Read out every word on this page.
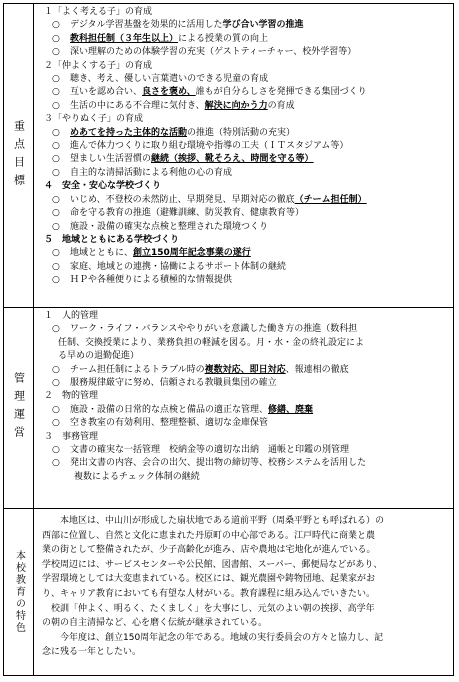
重点目標
１「よく考える子」の育成
○ デジタル学習基盤を効果的に活用した学び合い学習の推進
○ 教科担任制（３年生以上）による授業の質の向上
○ 深い理解のための体験学習の充実（ゲストティーチャー、校外学習等）
２「仲よくする子」の育成
○ 聴き、考え、優しい言葉遣いのできる児童の育成
○ 互いを認め合い、良さを褒め、誰もが自分らしさを発揮できる集団づくり
○ 生活の中にある不合理に気付き、解決に向かう力の育成
３「やりぬく子」の育成
○ めあてを持った主体的な活動の推進（特別活動の充実）
○ 進んで体力つくりに取り組む環境や指導の工夫（ＩＴスタジアム等）
○ 望ましい生活習慣の継続（挨拶、靴そろえ、時間を守る等）
○ 自主的な清掃活動による利他の心の育成
４　安全・安心な学校づくり
○ いじめ、不登校の未然防止、早期発見、早期対応の徹底（チーム担任制）
○ 命を守る教育の推進（避難訓練、防災教育、健康教育等）
○ 施設・設備の確実な点検と整理された環境つくり
５　地域とともにある学校づくり
○ 地域とともに、創立150周年記念事業の遂行
○ 家庭、地域との連携・協働によるサポート体制の継続
○ ＨＰや各種便りによる積極的な情報提供
管理運営
１　人的管理
○ ワーク・ライフ・バランスややりがいを意識した働き方の推進（数科担
任制、交換授業により、業務負担の軽減を図る。月・水・金の終礼設定によ
る早めの退勤促進）
○ チーム担任制によるトラブル時の複数対応、即日対応、報連相の徹底
○ 服務規律厳守に努め、信頼される教職員集団の確立
２　物的管理
○ 施設・設備の日常的な点検と備品の適正な管理、修繕、廃棄
○ 空き教室の有効利用、整理整頓、適切な金庫保管
３　事務管理
○ 文書の確実な一括管理　校納金等の適切な出納　通帳と印鑑の別管理
○ 発出文書の内容、会合の出欠、提出物の締切等、校務システムを活用した
複数によるチェック体制の継続
本校教育の特色
本地区は、中山川が形成した扇状地である道前平野（周桑平野とも呼ばれる）の
西部に位置し、自然と文化に恵まれた丹原町の中心部である。江戸時代に商業と農
業の街として整備されたが、少子高齢化が進み、店や農地は宅地化が進んでいる。
学校周辺には、サービスセンターや公民館、図書館、スーパー、郵便局などがあり、
学習環境としては大変恵まれている。校区には、観光農園や鋳物団地、起業家がお
り、キャリア教育においても有望な人材がいる。教育課程に組み込んでいきたい。
校訓「仲よく、明るく、たくましく」を大事にし、元気のよい朝の挨拶、高学年
の朝の自主清掃など、心を磨く伝統が継承されている。
今年度は、創立150周年記念の年である。地域の実行委員会の方々と協力し、記
念に残る一年としたい。
